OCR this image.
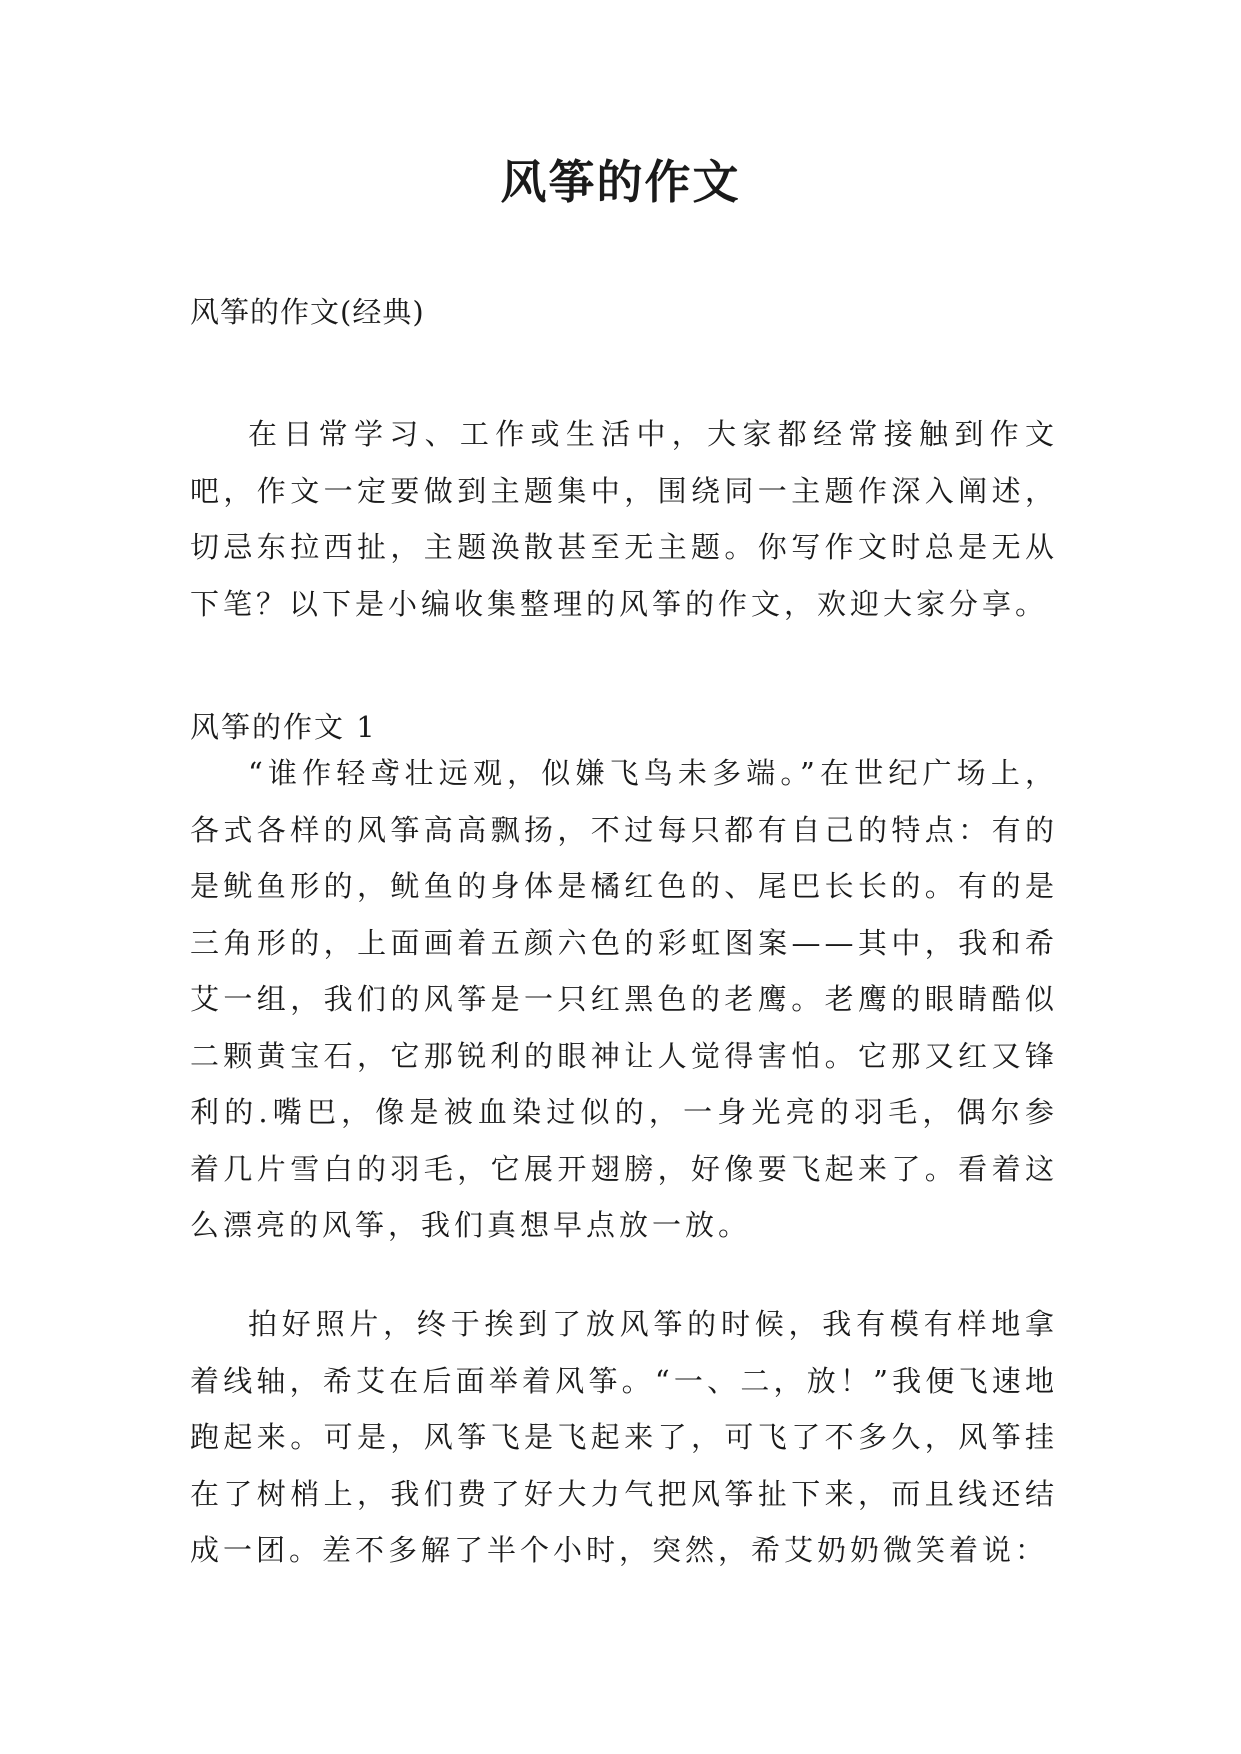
风筝的作文

风筝的作文(经典)

在日常学习、工作或生活中，大家都经常接触到作文吧，作文一定要做到主题集中，围绕同一主题作深入阐述，切忌东拉西扯，主题涣散甚至无主题。你写作文时总是无从下笔？以下是小编收集整理的风筝的作文，欢迎大家分享。

风筝的作文 1

“谁作轻鸢壮远观，似嫌飞鸟未多端。”在世纪广场上，各式各样的风筝高高飘扬，不过每只都有自己的特点：有的是鱿鱼形的，鱿鱼的身体是橘红色的、尾巴长长的。有的是三角形的，上面画着五颜六色的彩虹图案——其中，我和希艾一组，我们的风筝是一只红黑色的老鹰。老鹰的眼睛酷似二颗黄宝石，它那锐利的眼神让人觉得害怕。它那又红又锋利的.嘴巴，像是被血染过似的，一身光亮的羽毛，偶尔参着几片雪白的羽毛，它展开翅膀，好像要飞起来了。看着这么漂亮的风筝，我们真想早点放一放。

拍好照片，终于挨到了放风筝的时候，我有模有样地拿着线轴，希艾在后面举着风筝。“一、二，放！”我便飞速地跑起来。可是，风筝飞是飞起来了，可飞了不多久，风筝挂在了树梢上，我们费了好大力气把风筝扯下来，而且线还结成一团。差不多解了半个小时，突然，希艾奶奶微笑着说：
